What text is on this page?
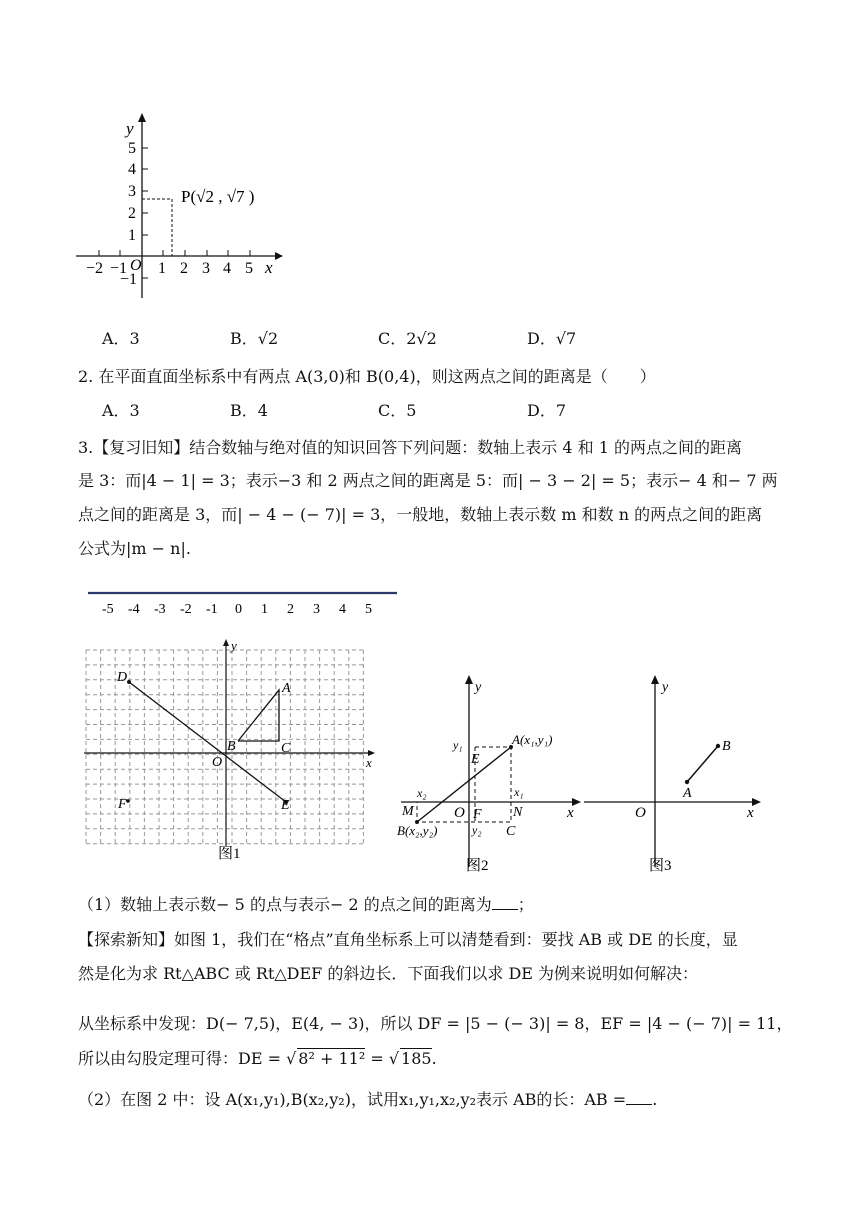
y
x
O
5
4
3
2
1
−1
−2 −1 1 2 3 4 5
P(√2 , √7 )
A．3	B．√2	C．2√2	D．√7
2. 在平面直面坐标系中有两点 A(3,0)和 B(0,4)，则这两点之间的距离是（　　）
A．3	B．4	C．5	D．7
3.【复习旧知】结合数轴与绝对值的知识回答下列问题：数轴上表示 4 和 1 的两点之间的距离
是 3：而|4 − 1| = 3；表示−3 和 2 两点之间的距离是 5：而| − 3 − 2| = 5；表示− 4 和− 7 两
点之间的距离是 3，而| − 4 − (− 7)| = 3，一般地，数轴上表示数 m 和数 n 的两点之间的距离
公式为|m − n|.
-5 -4 -3 -2 -1 0 1 2 3 4 5
y
x
O
D
A
B	C
E
F
图1
y
x
O
A(x₁,y₁)
B(x₂,y₂)
E
F
M	N
C
x₁
x₂
y₁
y₂
图2
y
x
O
A
B
图3
（1）数轴上表示数− 5 的点与表示− 2 的点之间的距离为 ；
【探索新知】如图 1，我们在“格点”直角坐标系上可以清楚看到：要找 AB 或 DE 的长度，显
然是化为求 Rt△ABC 或 Rt△DEF 的斜边长．下面我们以求 DE 为例来说明如何解决：
从坐标系中发现：D(− 7,5)，E(4, − 3)，所以 DF = |5 − (− 3)| = 8，EF = |4 − (− 7)| = 11，
所以由勾股定理可得：DE = √ 8² + 11² = √ 185.
（2）在图 2 中：设 A(x₁,y₁),B(x₂,y₂)，试用x₁,y₁,x₂,y₂表示 AB的长：AB = .
